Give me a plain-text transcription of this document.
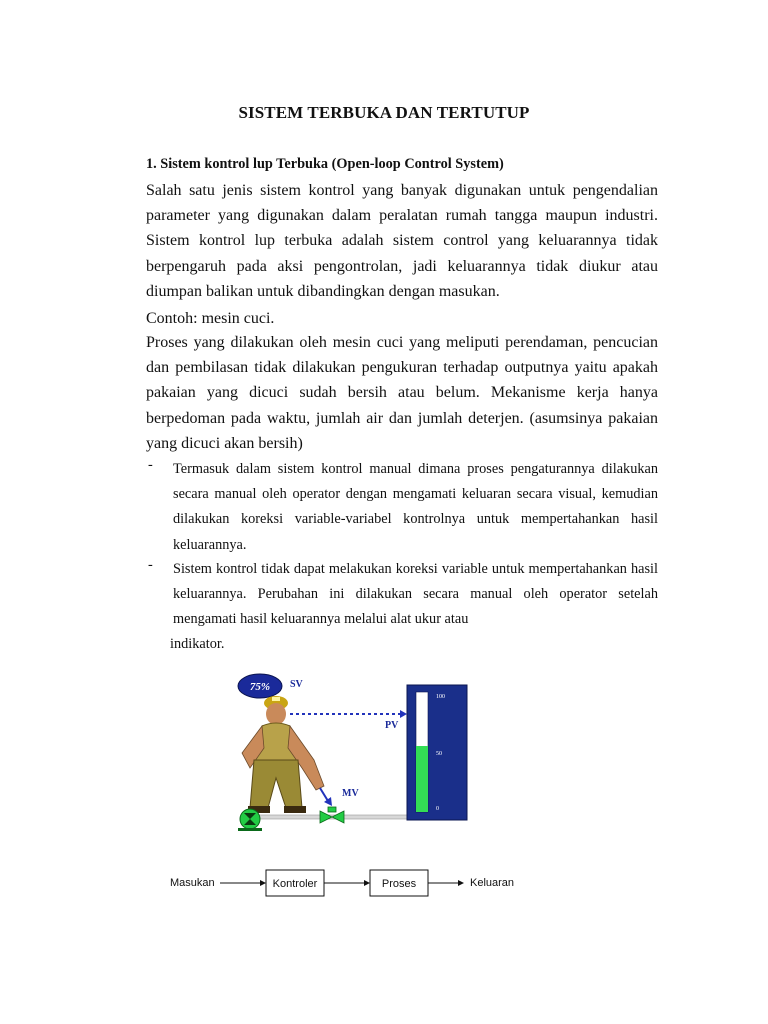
SISTEM TERBUKA DAN TERTUTUP
1. Sistem kontrol lup Terbuka (Open-loop Control System)

Salah satu jenis sistem kontrol yang banyak digunakan untuk pengendalian parameter yang digunakan dalam peralatan rumah tangga maupun industri. Sistem kontrol lup terbuka adalah sistem control yang keluarannya tidak berpengaruh pada aksi pengontrolan, jadi keluarannya tidak diukur atau diumpan balikan untuk dibandingkan dengan masukan.

Contoh: mesin cuci.

Proses yang dilakukan oleh mesin cuci yang meliputi perendaman, pencucian dan pembilasan tidak dilakukan pengukuran terhadap outputnya yaitu apakah pakaian yang dicuci sudah bersih atau belum. Mekanisme kerja hanya berpedoman pada waktu, jumlah air dan jumlah deterjen. (asumsinya pakaian yang dicuci akan bersih)

- Termasuk dalam sistem kontrol manual dimana proses pengaturannya dilakukan secara manual oleh operator dengan mengamati keluaran secara visual, kemudian dilakukan koreksi variable-variabel kontrolnya untuk mempertahankan hasil keluarannya.
- Sistem kontrol tidak dapat melakukan koreksi variable untuk mempertahankan hasil keluarannya. Perubahan ini dilakukan secara manual oleh operator setelah mengamati hasil keluarannya melalui alat ukur atau
indikator.
75% SV
PV
MV
100
50
0
Masukan	Kontroler	Proses	Keluaran
